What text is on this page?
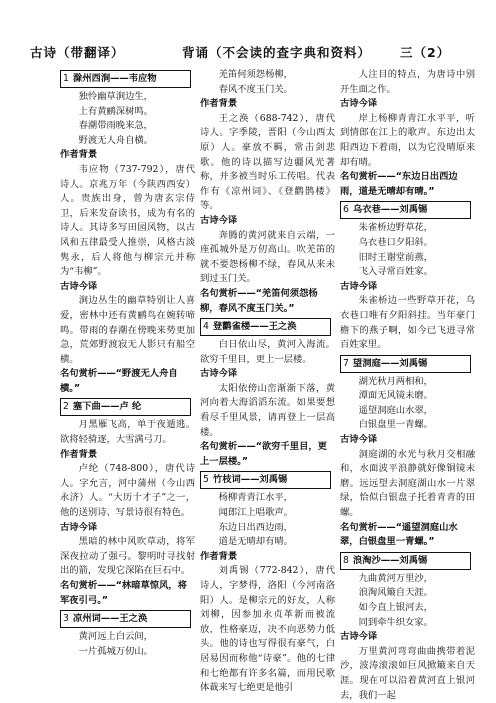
古诗（带翻译）	背诵（不会读的查字典和资料） 三（2）
1 滁州西涧——韦应物
独怜幽草涧边生，
上有黄鹂深树鸣。
春潮带雨晚来急，
野渡无人舟自横。
作者背景
韦应物（737-792），唐代诗人。京兆万年（今陕西西安）人。贵族出身，曾为唐玄宗侍卫，后来发奋读书，成为有名的诗人。其诗多写田园风物，以古风和五律最受人推崇，风格古淡隽永，后人将他与柳宗元并称为“韦柳”。
古诗今译
涧边丛生的幽草特别让人喜爱，密林中还有黄鹂鸟在婉转啼鸣。带雨的春潮在傍晚来势更加急，荒郊野渡寂无人影只有船空横。
名句赏析——“野渡无人舟自横。”
2 塞下曲——卢 纶
月黑雁飞高，单于夜遁逃。欲将轻骑逐，大雪满弓刀。
作者背景
卢纶（748-800），唐代诗人。字允言，河中蒲州（今山西永济）人。“大历十才子”之一，他的送别诗、写景诗很有特色。
古诗今译
黑暗的林中风吹草动，将军深夜拉动了强弓。黎明时寻找射出的箭，发现它深陷在巨石中。
名句赏析——“林暗草惊风，将军夜引弓。”
3 凉州词——王之涣
黄河远上白云间，
一片孤城万仞山。
羌笛何须怨杨柳，
春风不度玉门关。
作者背景
王之涣（688-742），唐代诗人。字季陵，晋阳（今山西太原）人。豪放不羁，常击剑悲歌。他的诗以描写边疆风光著称，并多被当时乐工传唱。代表作有《凉州词》、《登鹳鹊楼》等。
古诗今译
奔腾的黄河就来自云端，一座孤城外是万仞高山。吹羌笛的就不要怨杨柳不绿，春风从来未到过玉门关。
名句赏析——“羌笛何须怨杨柳，春风不度玉门关。”
4 登鹳雀楼——王之涣
白日依山尽，黄河入海流。欲穷千里目，更上一层楼。
古诗今译
太阳依傍山峦渐渐下落，黄河向着大海滔滔东流。如果要想看尽千里风景，请再登上一层高楼。
名句赏析——“欲穷千里目，更上一层楼。”
5 竹枝词——刘禹锡
杨柳青青江水平，
闻郎江上唱歌声。
东边日出西边雨，
道是无晴却有晴。
作者背景
刘禹锡（772-842），唐代诗人，字梦得，洛阳（今河南洛阳）人。是柳宗元的好友，人称刘柳，因参加永贞革新而被流放，性格豪迈，决不向恶势力低头。他的诗也写得很有豪气，白居易因而称他“诗豪”。他的七律和七绝都有许多名篇，而用民歌体裁来写七绝更是他引
人注目的特点，为唐诗中别开生面之作。
古诗今译
岸上杨柳青青江水平平，听到情郎在江上的歌声。东边出太阳西边下着雨，以为它没晴原来却有晴。
名句赏析——“东边日出西边雨，道是无晴却有晴。”
6 乌衣巷——刘禹锡
朱雀桥边野草花，
乌衣巷口夕阳斜。
旧时王谢堂前燕，
飞入寻常百姓家。
古诗今译
朱雀桥边一些野草开花，乌衣巷口唯有夕阳斜挂。当年豪门檐下的燕子啊，如今已飞进寻常百姓家里。
7 望洞庭——刘禹锡
湖光秋月两相和，
潭面无风镜未磨。
遥望洞庭山水翠，
白银盘里一青螺。
古诗今译
洞庭湖的水光与秋月交相融和，水面波平浪静就好像铜镜未磨。远远望去洞庭湖山水一片翠绿，恰似白银盘子托着青青的田螺。
名句赏析——“遥望洞庭山水翠，白银盘里一青螺。”
8 浪淘沙——刘禹锡
九曲黄河万里沙，
浪淘风簸自天涯。
如今直上银河去，
同到牵牛织女家。
古诗今译
万里黄河弯弯曲曲携带着泥沙，波涛滚滚如巨风掀簸来自天涯。现在可以沿着黄河直上银河去，我们一起
